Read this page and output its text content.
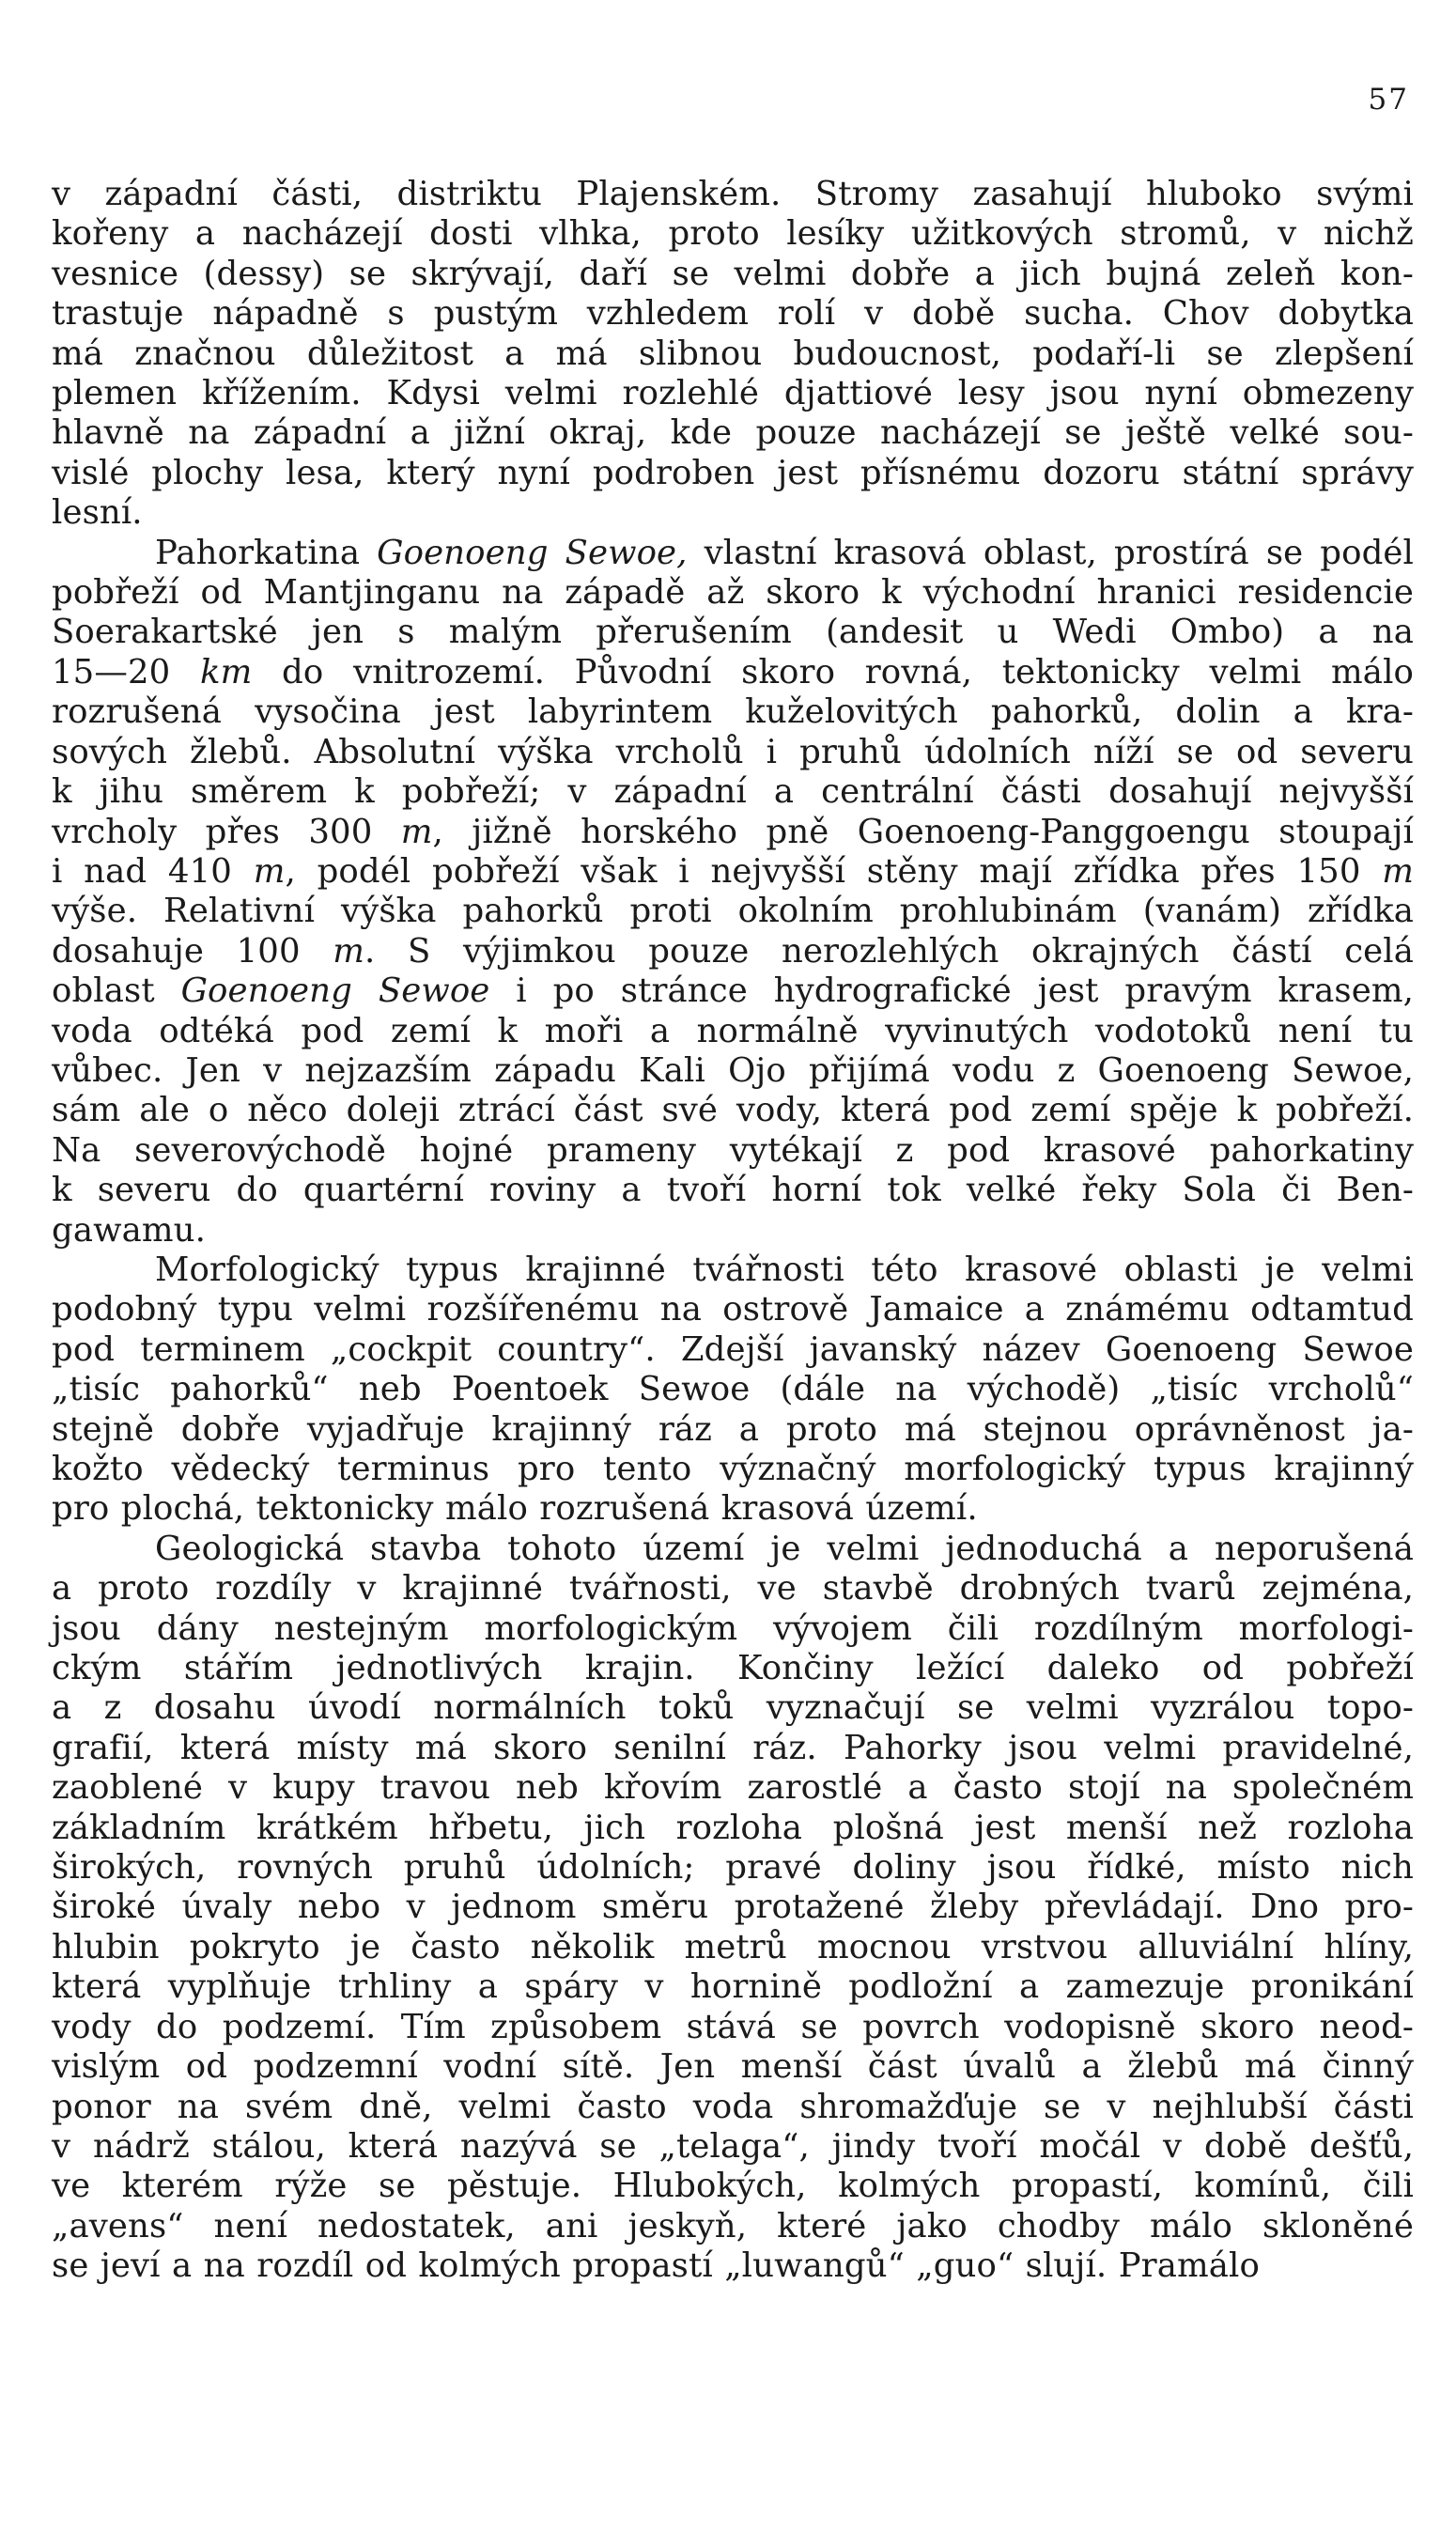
57
v západní části, distriktu Plajenském. Stromy zasahují hluboko svými
kořeny a nacházejí dosti vlhka, proto lesíky užitkových stromů, v nichž
vesnice (dessy) se skrývají, daří se velmi dobře a jich bujná zeleň kon-
trastuje nápadně s pustým vzhledem rolí v době sucha. Chov dobytka
má značnou důležitost a má slibnou budoucnost, podaří-li se zlepšení
plemen křížením. Kdysi velmi rozlehlé djattiové lesy jsou nyní obmezeny
hlavně na západní a jižní okraj, kde pouze nacházejí se ještě velké sou-
vislé plochy lesa, který nyní podroben jest přísnému dozoru státní správy
lesní.
Pahorkatina Goenoeng Sewoe, vlastní krasová oblast, prostírá se podél
pobřeží od Mantjinganu na západě až skoro k východní hranici residencie
Soerakartské jen s malým přerušením (andesit u Wedi Ombo) a na
15—20 km do vnitrozemí. Původní skoro rovná, tektonicky velmi málo
rozrušená vysočina jest labyrintem kuželovitých pahorků, dolin a kra-
sových žlebů. Absolutní výška vrcholů i pruhů údolních níží se od severu
k jihu směrem k pobřeží; v západní a centrální části dosahují nejvyšší
vrcholy přes 300 m, jižně horského pně Goenoeng-Panggoengu stoupají
i nad 410 m, podél pobřeží však i nejvyšší stěny mají zřídka přes 150 m
výše. Relativní výška pahorků proti okolním prohlubinám (vanám) zřídka
dosahuje 100 m. S výjimkou pouze nerozlehlých okrajných částí celá
oblast Goenoeng Sewoe i po stránce hydrografické jest pravým krasem,
voda odtéká pod zemí k moři a normálně vyvinutých vodotoků není tu
vůbec. Jen v nejzazším západu Kali Ojo přijímá vodu z Goenoeng Sewoe,
sám ale o něco doleji ztrácí část své vody, která pod zemí spěje k pobřeží.
Na severovýchodě hojné prameny vytékají z pod krasové pahorkatiny
k severu do quartérní roviny a tvoří horní tok velké řeky Sola či Ben-
gawamu.
Morfologický typus krajinné tvářnosti této krasové oblasti je velmi
podobný typu velmi rozšířenému na ostrově Jamaice a známému odtamtud
pod terminem „cockpit country“. Zdejší javanský název Goenoeng Sewoe
„tisíc pahorků“ neb Poentoek Sewoe (dále na východě) „tisíc vrcholů“
stejně dobře vyjadřuje krajinný ráz a proto má stejnou oprávněnost ja-
kožto vědecký terminus pro tento význačný morfologický typus krajinný
pro plochá, tektonicky málo rozrušená krasová území.
Geologická stavba tohoto území je velmi jednoduchá a neporušená
a proto rozdíly v krajinné tvářnosti, ve stavbě drobných tvarů zejména,
jsou dány nestejným morfologickým vývojem čili rozdílným morfologi-
ckým stářím jednotlivých krajin. Končiny ležící daleko od pobřeží
a z dosahu úvodí normálních toků vyznačují se velmi vyzrálou topo-
grafií, která místy má skoro senilní ráz. Pahorky jsou velmi pravidelné,
zaoblené v kupy travou neb křovím zarostlé a často stojí na společném
základním krátkém hřbetu, jich rozloha plošná jest menší než rozloha
širokých, rovných pruhů údolních; pravé doliny jsou řídké, místo nich
široké úvaly nebo v jednom směru protažené žleby převládají. Dno pro-
hlubin pokryto je často několik metrů mocnou vrstvou alluviální hlíny,
která vyplňuje trhliny a spáry v hornině podložní a zamezuje pronikání
vody do podzemí. Tím způsobem stává se povrch vodopisně skoro neod-
vislým od podzemní vodní sítě. Jen menší část úvalů a žlebů má činný
ponor na svém dně, velmi často voda shromažďuje se v nejhlubší části
v nádrž stálou, která nazývá se „telaga“, jindy tvoří močál v době dešťů,
ve kterém rýže se pěstuje. Hlubokých, kolmých propastí, komínů, čili
„avens“ není nedostatek, ani jeskyň, které jako chodby málo skloněné
se jeví a na rozdíl od kolmých propastí „luwangů“ „guo“ slují. Pramálo
